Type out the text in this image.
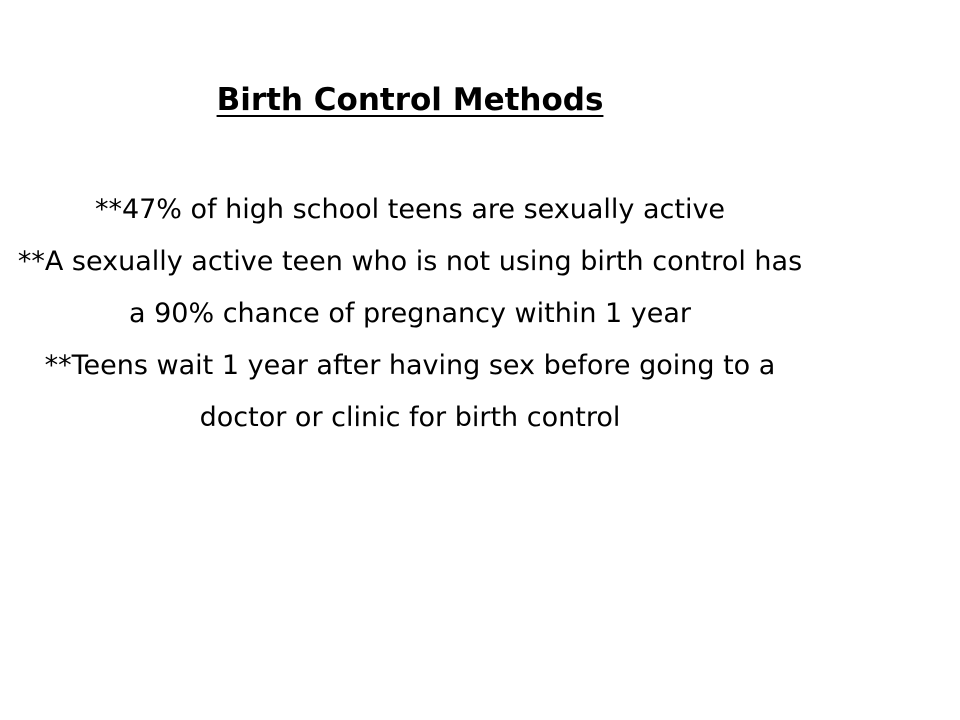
Birth Control Methods

**47% of high school teens are sexually active

**A sexually active teen who is not using birth control has a 90% chance of pregnancy within 1 year

**Teens wait 1 year after having sex before going to a doctor or clinic for birth control
